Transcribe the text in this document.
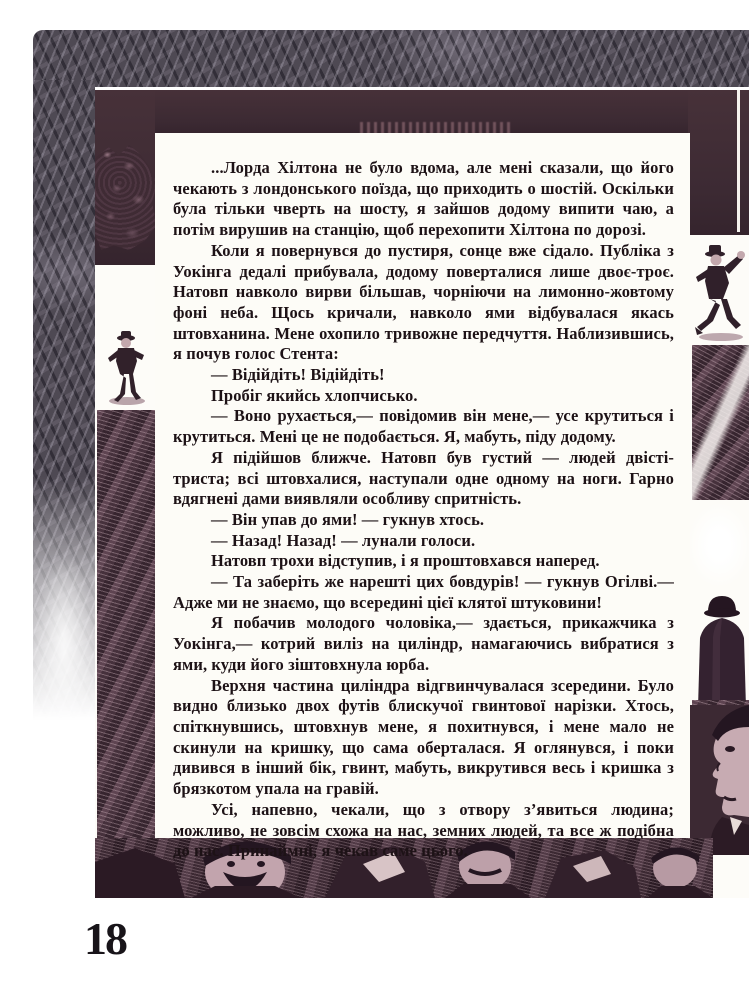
...Лорда Хілтона не було вдома, але мені сказали, що його чекають з лондонського поїзда, що приходить о шостій. Оскільки була тільки чверть на шосту, я зайшов додому випити чаю, а потім вирушив на станцію, щоб перехопити Хілтона по дорозі.

Коли я повернувся до пустиря, сонце вже сідало. Публіка з Уокінга дедалі прибувала, додому поверталися лише двоє-троє. Натовп навколо вирви більшав, чорніючи на лимонно-жовтому фоні неба. Щось кричали, навколо ями відбувалася якась штовханина. Мене охопило тривожне передчуття. Наблизившись, я почув голос Стента:

— Відійдіть! Відійдіть!

Пробіг якийсь хлопчисько.

— Воно рухається,— повідомив він мене,— усе крутиться і крутиться. Мені це не подобається. Я, мабуть, піду додому.

Я підійшов ближче. Натовп був густий — людей двісті-триста; всі штовхалися, наступали одне одному на ноги. Гарно вдягнені дами виявляли особливу спритність.

— Він упав до ями! — гукнув хтось.

— Назад! Назад! — лунали голоси.

Натовп трохи відступив, і я проштовхався наперед.

— Та заберіть же нарешті цих бовдурів! — гукнув Огілві.— Адже ми не знаємо, що всередині цієї клятої штуковини!

Я побачив молодого чоловіка,— здається, прикажчика з Уокінга,— котрий виліз на циліндр, намагаючись вибратися з ями, куди його зіштовхнула юрба.

Верхня частина циліндра відгвинчувалася зсередини. Було видно близько двох футів блискучої гвинтової нарізки. Хтось, спіткнувшись, штовхнув мене, я похитнувся, і мене мало не скинули на кришку, що сама оберталася. Я оглянувся, і поки дивився в інший бік, гвинт, мабуть, викрутився весь і кришка з брязкотом упала на гравій.

Усі, напевно, чекали, що з отвору з’явиться людина; можливо, не зовсім схожа на нас, земних людей, та все ж подібна до нас. Принаймні, я чекав саме цього.

18
